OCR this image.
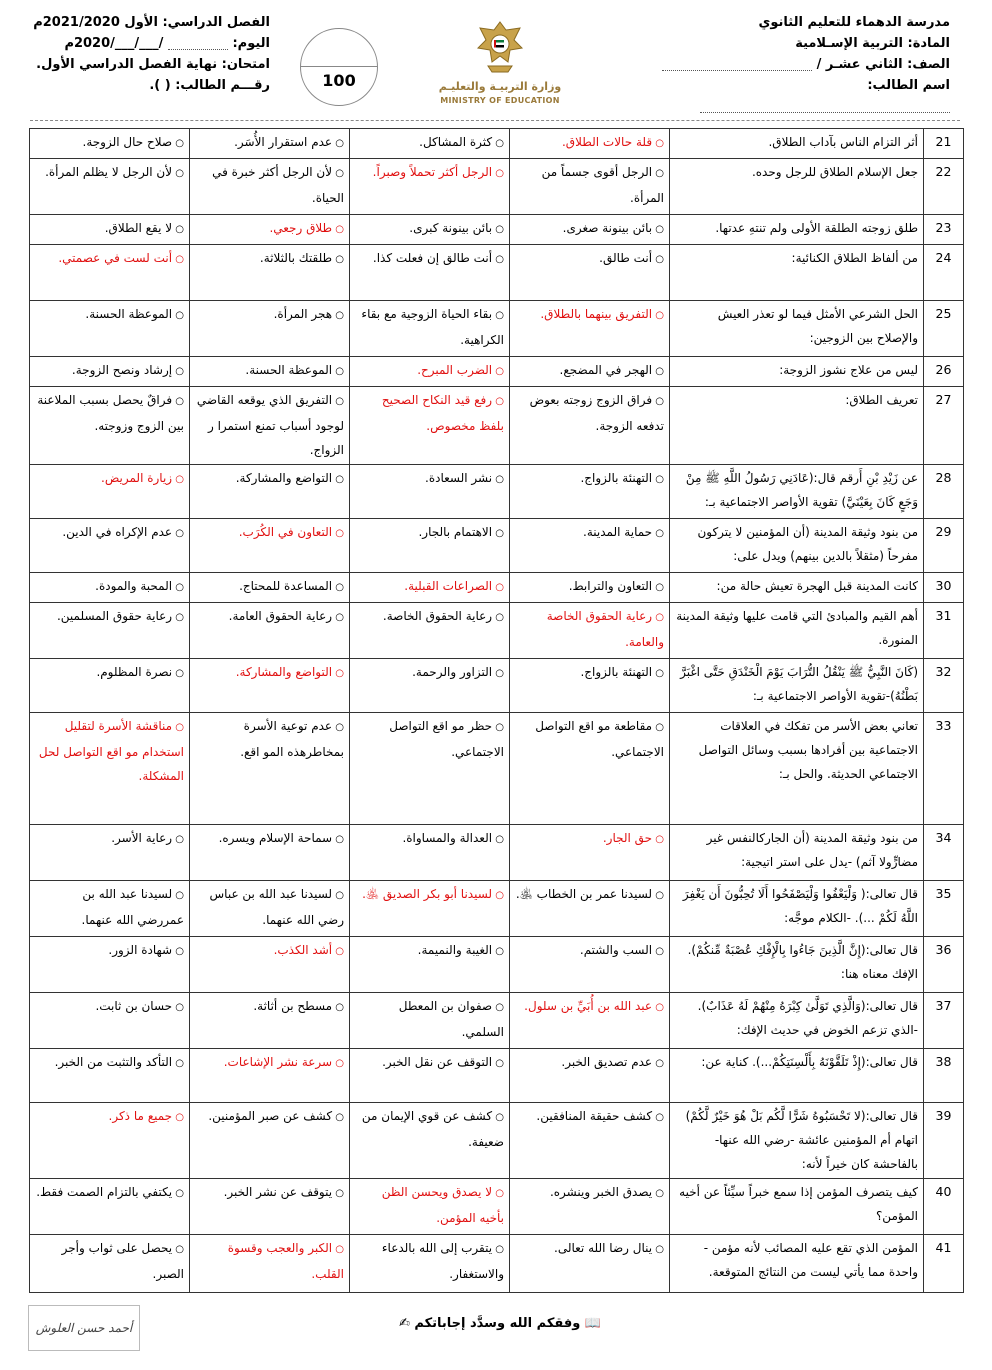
مدرسة الدهماء للتعليم الثانوي
المادة: التربية الإسـلامية
الصف: الثاني عشـر /
اسم الطالب:
وزارة التربيـة والتعليـم
MINISTRY OF EDUCATION
100
الفصل الدراسي: الأول 2021/2020م
اليوم:  /___/___/2020م
امتحان: نهاية الفصل الدراسي الأول.
رقـــم الطالب: ( ).
21	أثر التزام الناس بآداب الطلاق.	○ قلة حالات الطلاق.	○ كثرة المشاكل.	○ عدم استقرار الأُسَر.	○ صلاح حال الزوجة.
22	جعل الإسلام الطلاق للرجل وحده.	○ الرجل أقوى جسماً من المرأة.	○ الرجل أكثر تحملاً وصبراً.	○ لأن الرجل أكثر خبرة في الحياة.	○ لأن الرجل لا يظلم المرأة.
23	طلق زوجته الطلقة الأولى ولم تنتهِ عدتها.	○ بائن بينونة صغرى.	○ بائن بينونة كبرى.	○ طلاق رجعي.	○ لا يقع الطلاق.
24	من ألفاظ الطلاق الكنائية:	○ أنت طالق.	○ أنت طالق إن فعلت كذا.	○ طلقتك بالثلاثة.	○ أنت لست في عصمتي.
25	الحل الشرعي الأمثل فيما لو تعذر العيش والإصلاح بين الزوجين:	○ التفريق بينهما بالطلاق.	○ بقاء الحياة الزوجية مع بقاء الكراهية.	○ هجر المرأة.	○ الموعظة الحسنة.
26	ليس من علاج نشوز الزوجة:	○ الهجر في المضجع.	○ الضرب المبرح.	○ الموعظة الحسنة.	○ إرشاد ونصح الزوجة.
27	تعريف الطلاق:	○ فراق الزوج زوجته بعوض تدفعه الزوجة.	○ رفع قيد النكاح الصحيح بلفظ مخصوص.	○ التفريق الذي يوقعه القاضي لوجود أسباب تمنع استمرا ر الزواج.	○ فراقٌ يحصل بسبب الملاعنة بين الزوج وزوجته.
28	عن زَيْدِ بْنِ أَرقم قال:(عَادَنِي رَسُولُ اللَّهِ ﷺ مِنْ وَجَعٍ كَانَ بِعَيْنَيَّ) تقوية الأواصر الاجتماعية بـ:	○ التهنئة بالزواج.	○ نشر السعادة.	○ التواضع والمشاركة.	○ زيارة المريض.
29	من بنود وثيقة المدينة (أن المؤمنين لا يتركون مفرحاً (مثقلاً بالدين بينهم) ويدل على:	○ حماية المدينة.	○ الاهتمام بالجار.	○ التعاون في الكُرَب.	○ عدم الإكراه في الدين.
30	كانت المدينة قبل الهجرة تعيش حالة من:	○ التعاون والترابط.	○ الصراعات القبلية.	○ المساعدة للمحتاج.	○ المحبة والمودة.
31	أهم القيم والمبادئ التي قامت عليها وثيقة المدينة المنورة.	○ رعاية الحقوق الخاصة والعامة.	○ رعاية الحقوق الخاصة.	○ رعاية الحقوق العامة.	○ رعاية حقوق المسلمين.
32	(كَانَ النَّبِيُّ ﷺ يَنْقُلُ التُّرَابَ يَوْمَ الْخَنْدَقِ حَتَّى اغْبَرَّ بَطْنُهُ)-تقوية الأواصر الاجتماعية بـ:	○ التهنئة بالزواج.	○ التزاور والرحمة.	○ التواضع والمشاركة.	○ نصرة المظلوم.
33	تعاني بعض الأسر من تفكك في العلاقات الاجتماعية بين أفرادها بسبب وسائل التواصل الاجتماعي الحديثة. والحل بـ:	○ مقاطعة مو اقع التواصل الاجتماعي.	○ حظر مو اقع التواصل الاجتماعي.	○ عدم توعية الأسرة بمخاطرهذه المو اقع.	○ مناقشة الأسرة لتقليل استخدام مو اقع التواصل لحل المشكلة.
34	من بنود وثيقة المدينة (أن الجاركالنفس غير مضارٍّولا آثم) -يدل على استر اتيجية:	○ حق الجار.	○ العدالة والمساواة.	○ سماحة الإسلام ويسره.	○ رعاية الأسر.
35	قال تعالى:( وَلْيَعْفُوا وَلْيَصْفَحُوا أَلَا تُحِبُّونَ أَن يَغْفِرَ اللَّهُ لَكُمْ ...). -الكلام موجَّه:	○ لسيدنا عمر بن الخطاب ﵁.	○ لسيدنا أبو بكر الصديق ﵁.	○ لسيدنا عبد الله بن عباس رضي الله عنهما.	○ لسيدنا عبد الله بن عمررضي الله عنهما.
36	قال تعالى:(إِنَّ الَّذِينَ جَاءُوا بِالْإِفْكِ عُصْبَةٌ مِّنكُمْ). الإفك معناه هنا:	○ السب والشتم.	○ الغيبة والنميمة.	○ أشد الكذب.	○ شهادة الزور.
37	قال تعالى:(وَالَّذِي تَوَلَّىٰ كِبْرَهُ مِنْهُمْ لَهُ عَذَابٌ). -الذي تزعم الخوض في حديث الإفك:	○ عبد الله بن أُبَيِّ بن سلول.	○ صفوان بن المعطل السلمي.	○ مسطح بن أثاثة.	○ حسان بن ثابت.
38	قال تعالى:(إِذْ تَلَقَّوْنَهُ بِأَلْسِنَتِكُمْ...). كناية عن:	○ عدم تصديق الخبر.	○ التوقف عن نقل الخبر.	○ سرعة نشر الإشاعات.	○ التأكد والتثبت من الخبر.
39	قال تعالى:(لا تَحْسَبُوهُ شَرًّا لَّكُم بَلْ هُوَ خَيْرٌ لَّكُمْ) اتهام أم المؤمنين عائشة -رضي الله عنها-بالفاحشة كان خيراً لأنه:	○ كشف حقيقة المنافقين.	○ كشف عن قوي الإيمان من ضعيفة.	○ كشف عن صبر المؤمنين.	○ جميع ما ذكر.
40	كيف يتصرف المؤمن إذا سمع خبراً سيِّئاً عن أخيه المؤمن؟	○ يصدق الخبر وينشره.	○ لا يصدق ويحسن الظن بأخيه المؤمن.	○ يتوقف عن نشر الخبر.	○ يكتفي بالتزام الصمت فقط.
41	المؤمن الذي تقع عليه المصائب لأنه مؤمن - واحدة مما يأتي ليست من النتائج المتوقعة.	○ ينال رضا الله تعالى.	○ يتقرب إلى الله بالدعاء والاستغفار.	○ الكبر والعجب وقسوة القلب.	○ يحصل على ثواب وأجر الصبر.
📖 وفقكم الله وسدَّد إجاباتكم ✍
أحمد حسن العلوش
